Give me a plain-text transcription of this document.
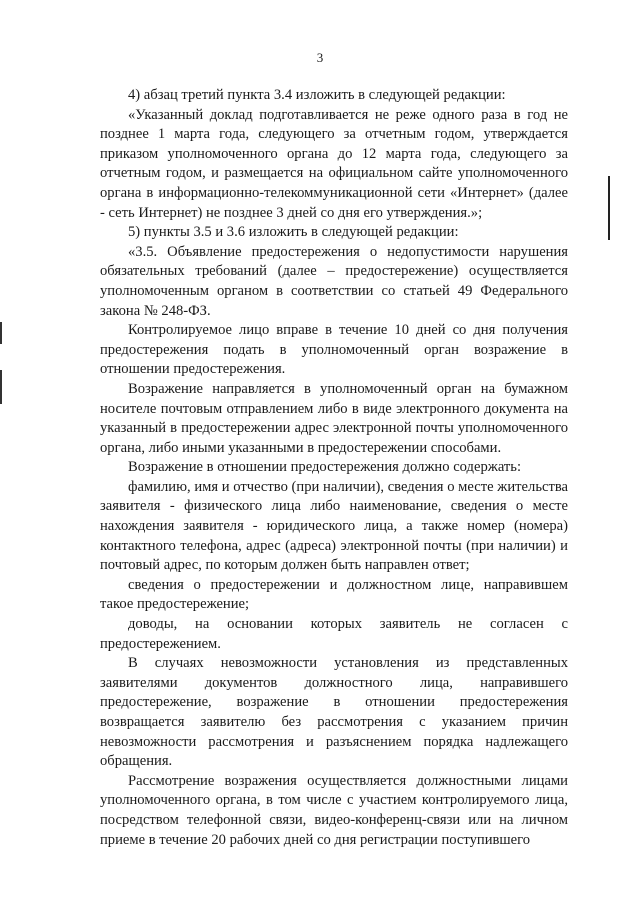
3

4) абзац третий пункта 3.4 изложить в следующей редакции:

«Указанный доклад подготавливается не реже одного раза в год не позднее 1 марта года, следующего за отчетным годом, утверждается приказом уполномоченного органа до 12 марта года, следующего за отчетным годом, и размещается на официальном сайте уполномоченного органа в информационно-телекоммуникационной сети «Интернет» (далее - сеть Интернет) не позднее 3 дней со дня его утверждения.»;

5) пункты 3.5 и 3.6 изложить в следующей редакции:

«3.5. Объявление предостережения о недопустимости нарушения обязательных требований (далее – предостережение) осуществляется уполномоченным органом в соответствии со статьей 49 Федерального закона № 248-ФЗ.

Контролируемое лицо вправе в течение 10 дней со дня получения предостережения подать в уполномоченный орган возражение в отношении предостережения.

Возражение направляется в уполномоченный орган на бумажном носителе почтовым отправлением либо в виде электронного документа на указанный в предостережении адрес электронной почты уполномоченного органа, либо иными указанными в предостережении способами.

Возражение в отношении предостережения должно содержать:

фамилию, имя и отчество (при наличии), сведения о месте жительства заявителя - физического лица либо наименование, сведения о месте нахождения заявителя - юридического лица, а также номер (номера) контактного телефона, адрес (адреса) электронной почты (при наличии) и почтовый адрес, по которым должен быть направлен ответ;

сведения о предостережении и должностном лице, направившем такое предостережение;

доводы, на основании которых заявитель не согласен с предостережением.

В случаях невозможности установления из представленных заявителями документов должностного лица, направившего предостережение, возражение в отношении предостережения возвращается заявителю без рассмотрения с указанием причин невозможности рассмотрения и разъяснением порядка надлежащего обращения.

Рассмотрение возражения осуществляется должностными лицами уполномоченного органа, в том числе с участием контролируемого лица, посредством телефонной связи, видео-конференц-связи или на личном приеме в течение 20 рабочих дней со дня регистрации поступившего
